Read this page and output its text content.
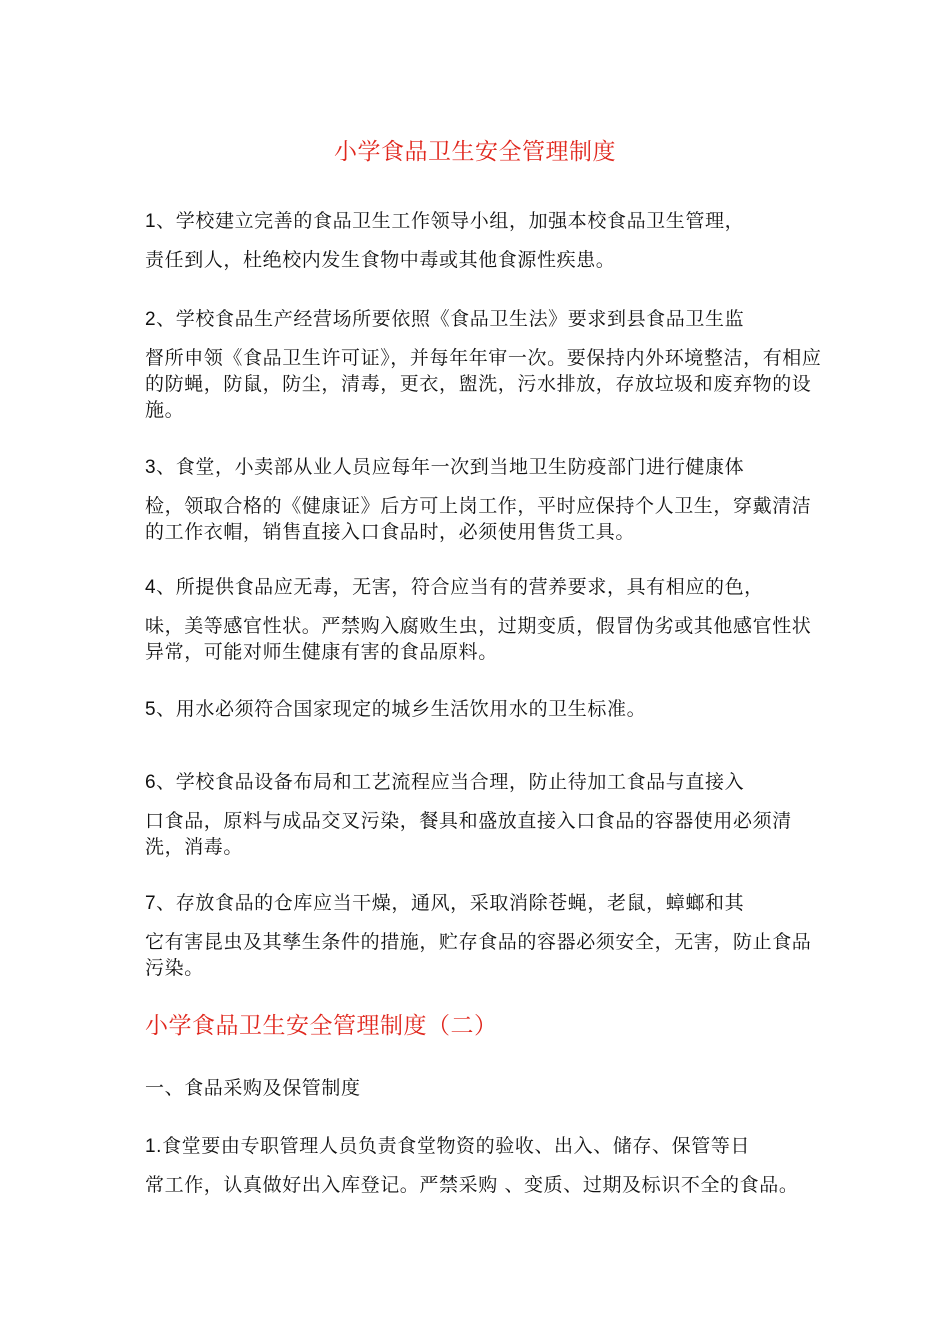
小学食品卫生安全管理制度
1、学校建立完善的食品卫生工作领导小组，加强本校食品卫生管理，
责任到人，杜绝校内发生食物中毒或其他食源性疾患。
2、学校食品生产经营场所要依照《食品卫生法》要求到县食品卫生监
督所申领《食品卫生许可证》，并每年年审一次。要保持内外环境整洁，有相应的防蝇，防鼠，防尘，清毒，更衣，盥洗，污水排放，存放垃圾和废弃物的设施。
3、食堂，小卖部从业人员应每年一次到当地卫生防疫部门进行健康体
检，领取合格的《健康证》后方可上岗工作，平时应保持个人卫生，穿戴清洁的工作衣帽，销售直接入口食品时，必须使用售货工具。
4、所提供食品应无毒，无害，符合应当有的营养要求，具有相应的色，
味，美等感官性状。严禁购入腐败生虫，过期变质，假冒伪劣或其他感官性状异常，可能对师生健康有害的食品原料。
5、用水必须符合国家现定的城乡生活饮用水的卫生标准。
6、学校食品设备布局和工艺流程应当合理，防止待加工食品与直接入
口食品，原料与成品交叉污染，餐具和盛放直接入口食品的容器使用必须清洗，消毒。
7、存放食品的仓库应当干燥，通风，采取消除苍蝇，老鼠，蟑螂和其
它有害昆虫及其孳生条件的措施，贮存食品的容器必须安全，无害，防止食品污染。
小学食品卫生安全管理制度（二）
一、食品采购及保管制度
1.食堂要由专职管理人员负责食堂物资的验收、出入、储存、保管等日
常工作，认真做好出入库登记。严禁采购 、变质、过期及标识不全的食品。
